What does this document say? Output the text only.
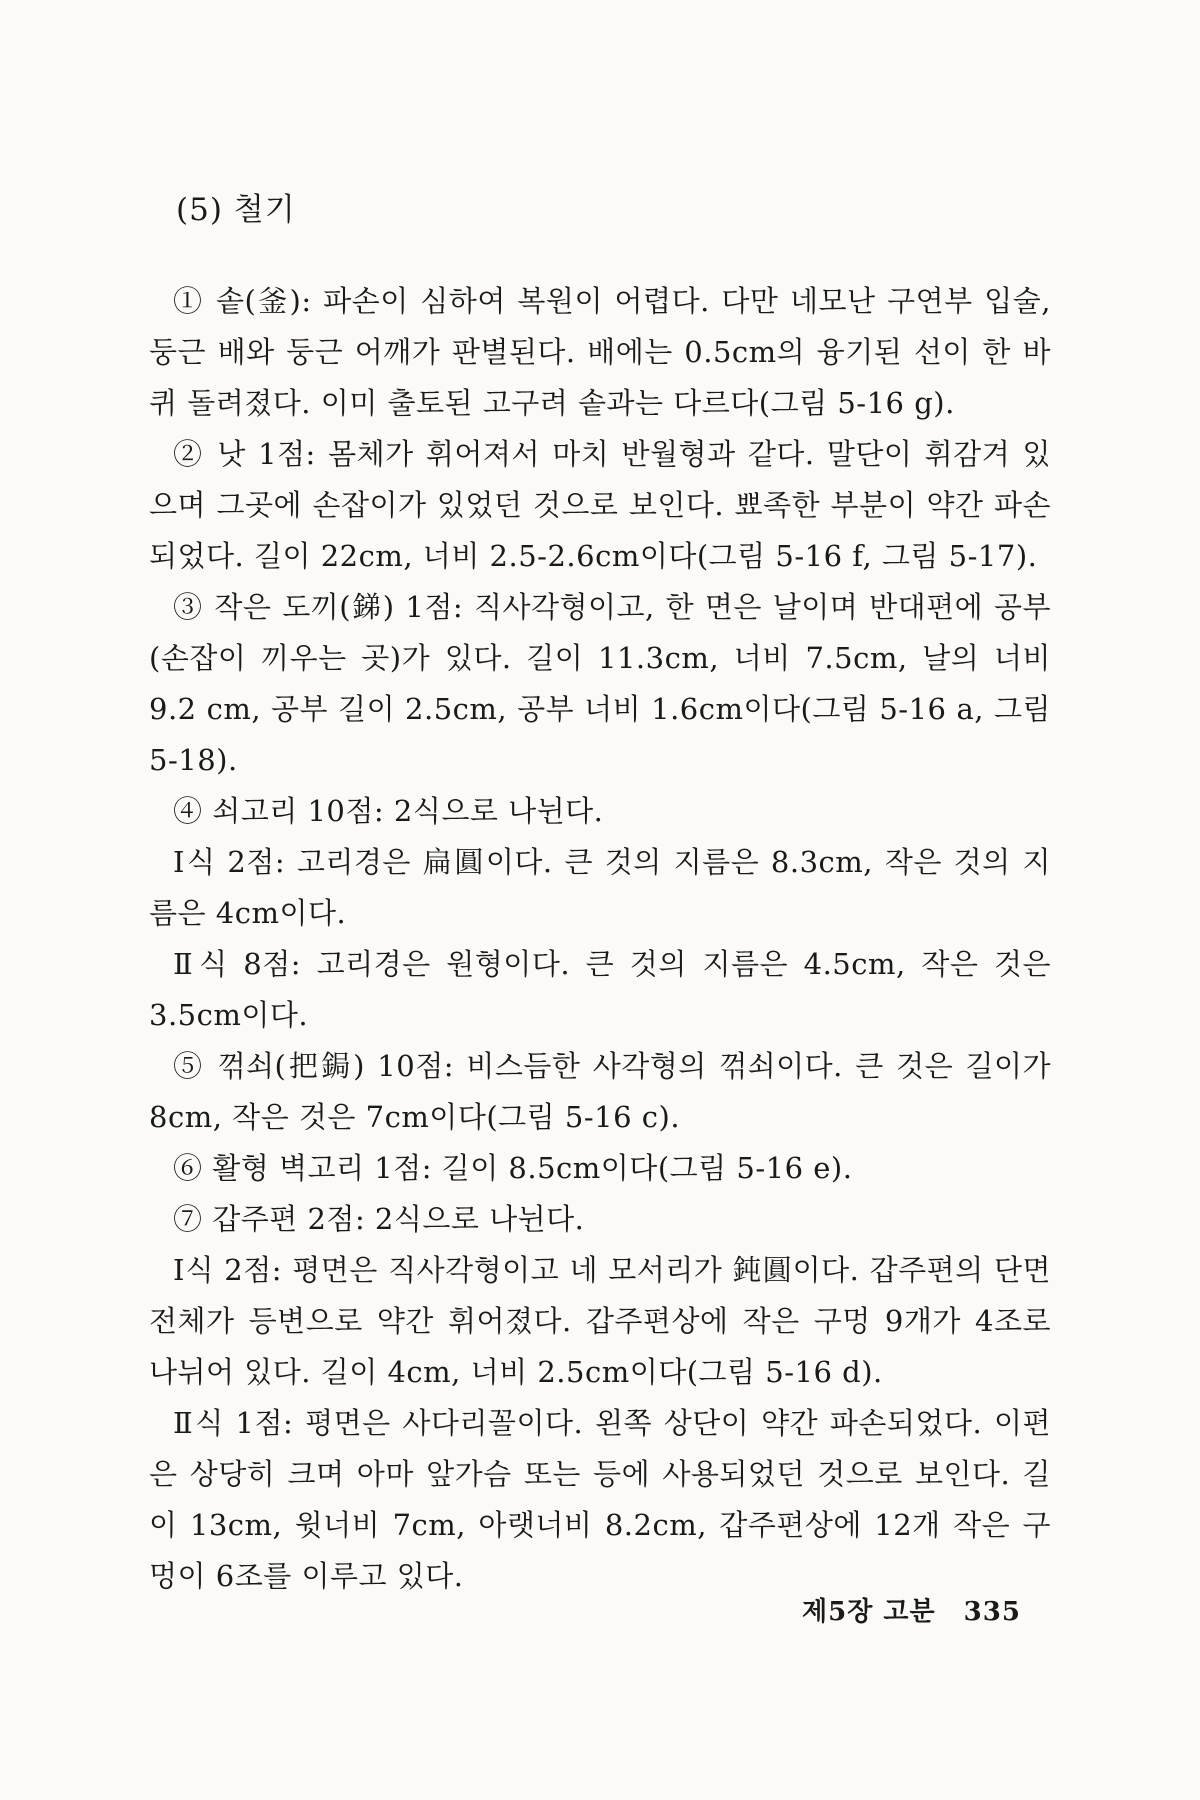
(5) 철기

① 솥(釜): 파손이 심하여 복원이 어렵다. 다만 네모난 구연부 입술, 둥근 배와 둥근 어깨가 판별된다. 배에는 0.5cm의 융기된 선이 한 바퀴 돌려졌다. 이미 출토된 고구려 솥과는 다르다(그림 5-16 g).

② 낫 1점: 몸체가 휘어져서 마치 반월형과 같다. 말단이 휘감겨 있으며 그곳에 손잡이가 있었던 것으로 보인다. 뾰족한 부분이 약간 파손되었다. 길이 22cm, 너비 2.5-2.6cm이다(그림 5-16 f, 그림 5-17).

③ 작은 도끼(銻) 1점: 직사각형이고, 한 면은 날이며 반대편에 공부(손잡이 끼우는 곳)가 있다. 길이 11.3cm, 너비 7.5cm, 날의 너비 9.2 cm, 공부 길이 2.5cm, 공부 너비 1.6cm이다(그림 5-16 a, 그림 5-18).

④ 쇠고리 10점: 2식으로 나뉜다.

Ⅰ식 2점: 고리경은 扁圓이다. 큰 것의 지름은 8.3cm, 작은 것의 지름은 4cm이다.

Ⅱ식 8점: 고리경은 원형이다. 큰 것의 지름은 4.5cm, 작은 것은 3.5cm이다.

⑤ 꺾쇠(把鋦) 10점: 비스듬한 사각형의 꺾쇠이다. 큰 것은 길이가 8cm, 작은 것은 7cm이다(그림 5-16 c).

⑥ 활형 벽고리 1점: 길이 8.5cm이다(그림 5-16 e).

⑦ 갑주편 2점: 2식으로 나뉜다.

Ⅰ식 2점: 평면은 직사각형이고 네 모서리가 鈍圓이다. 갑주편의 단면 전체가 등변으로 약간 휘어졌다. 갑주편상에 작은 구멍 9개가 4조로 나뉘어 있다. 길이 4cm, 너비 2.5cm이다(그림 5-16 d).

Ⅱ식 1점: 평면은 사다리꼴이다. 왼쪽 상단이 약간 파손되었다. 이편은 상당히 크며 아마 앞가슴 또는 등에 사용되었던 것으로 보인다. 길이 13cm, 윗너비 7cm, 아랫너비 8.2cm, 갑주편상에 12개 작은 구멍이 6조를 이루고 있다.

제5장 고분 335
